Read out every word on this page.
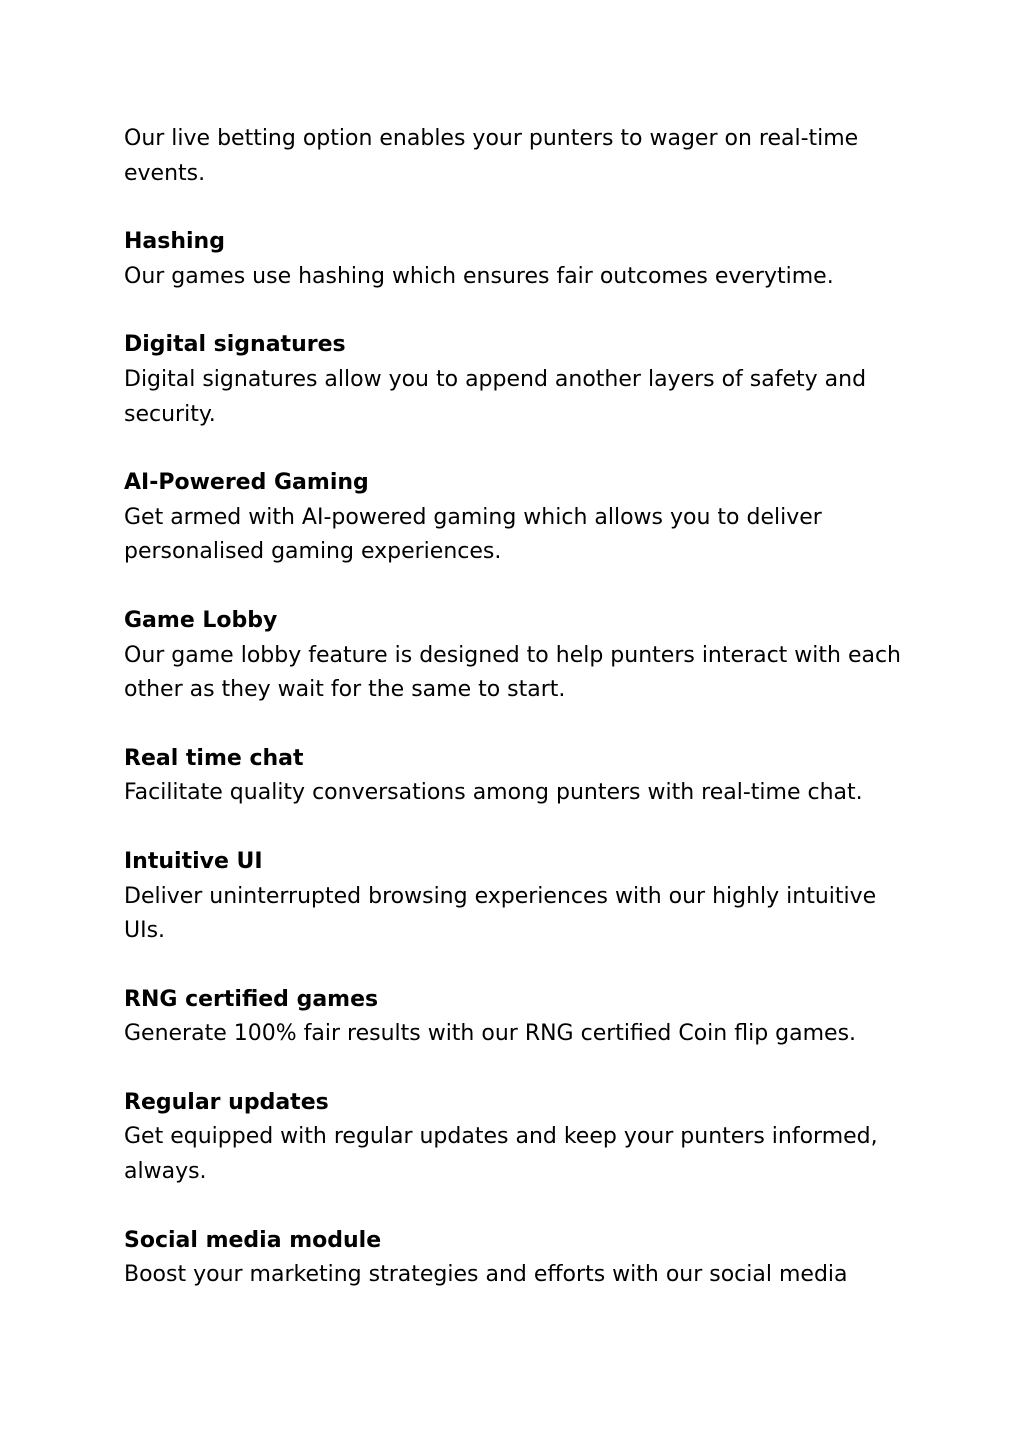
Our live betting option enables your punters to wager on real-time events.

Hashing

Our games use hashing which ensures fair outcomes everytime.

Digital signatures

Digital signatures allow you to append another layers of safety and security.

AI-Powered Gaming

Get armed with AI-powered gaming which allows you to deliver personalised gaming experiences.

Game Lobby

Our game lobby feature is designed to help punters interact with each other as they wait for the same to start.

Real time chat

Facilitate quality conversations among punters with real-time chat.

Intuitive UI

Deliver uninterrupted browsing experiences with our highly intuitive UIs.

RNG certified games

Generate 100% fair results with our RNG certified Coin flip games.

Regular updates

Get equipped with regular updates and keep your punters informed, always.

Social media module

Boost your marketing strategies and efforts with our social media
